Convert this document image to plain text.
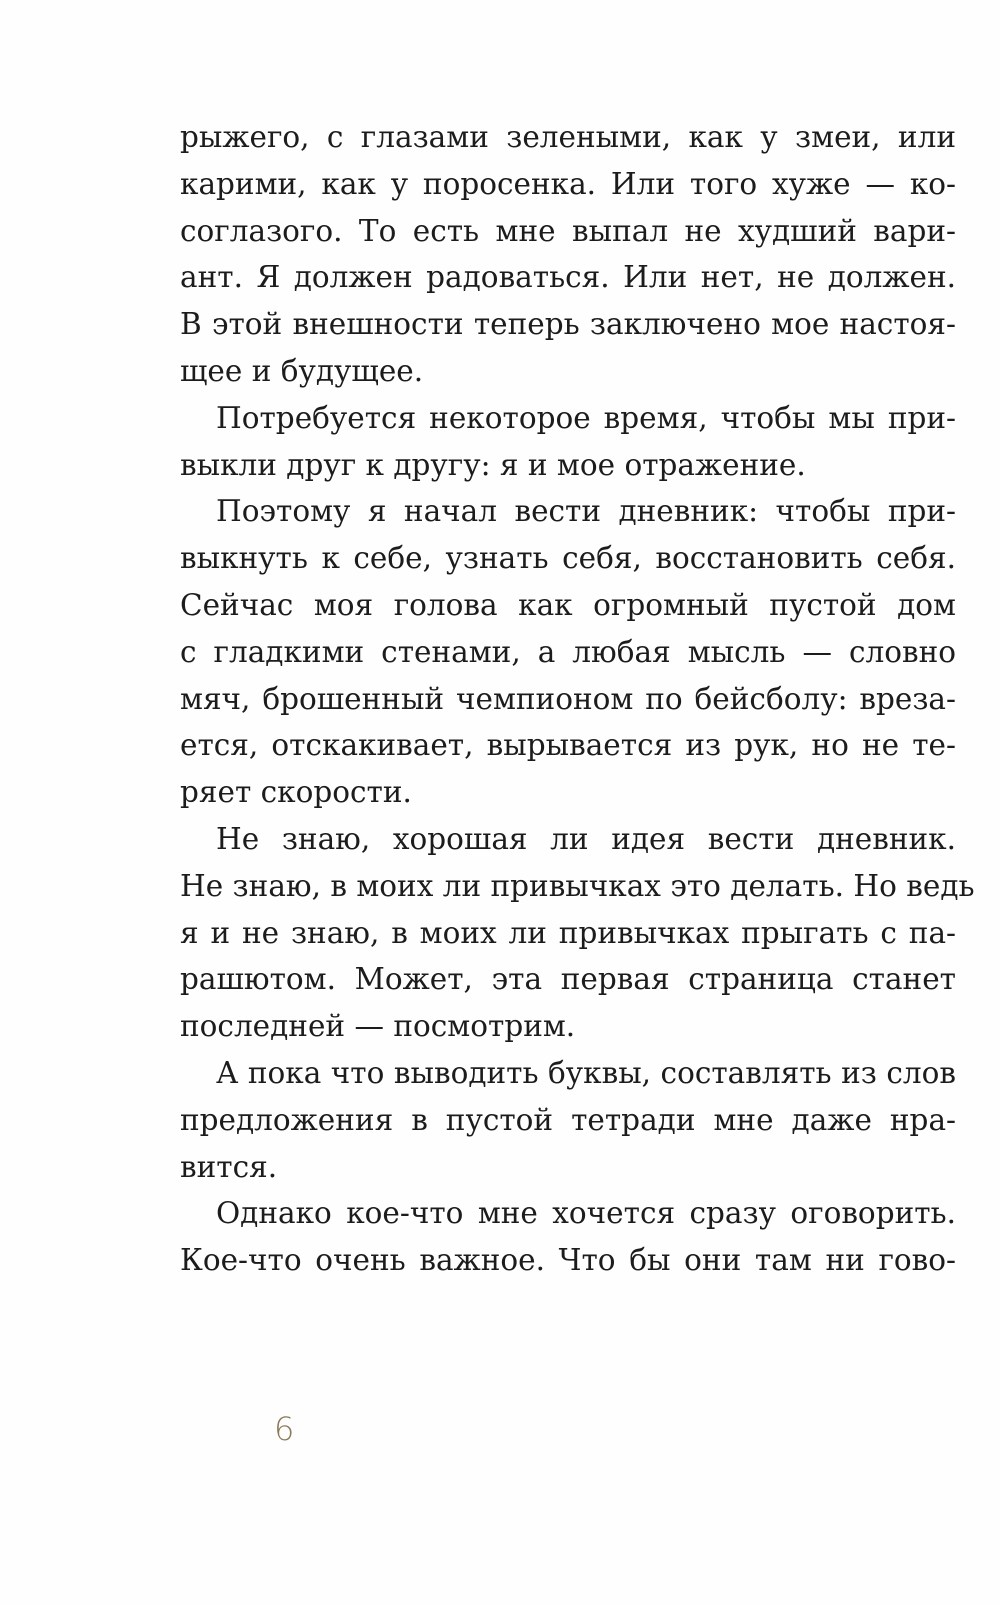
рыжего, с глазами зелеными, как у змеи, или
карими, как у поросенка. Или того хуже — ко-
соглазого. То есть мне выпал не худший вари-
ант. Я должен радоваться. Или нет, не должен.
В этой внешности теперь заключено мое настоя-
щее и будущее.
Потребуется некоторое время, чтобы мы при-
выкли друг к другу: я и мое отражение.
Поэтому я начал вести дневник: чтобы при-
выкнуть к себе, узнать себя, восстановить себя.
Сейчас моя голова как огромный пустой дом
с гладкими стенами, а любая мысль — словно
мяч, брошенный чемпионом по бейсболу: вреза-
ется, отскакивает, вырывается из рук, но не те-
ряет скорости.
Не знаю, хорошая ли идея вести дневник.
Не знаю, в моих ли привычках это делать. Но ведь
я и не знаю, в моих ли привычках прыгать с па-
рашютом. Может, эта первая страница станет
последней — посмотрим.
А пока что выводить буквы, составлять из слов
предложения в пустой тетради мне даже нра-
вится.
Однако кое-что мне хочется сразу оговорить.
Кое-что очень важное. Что бы они там ни гово-
6
